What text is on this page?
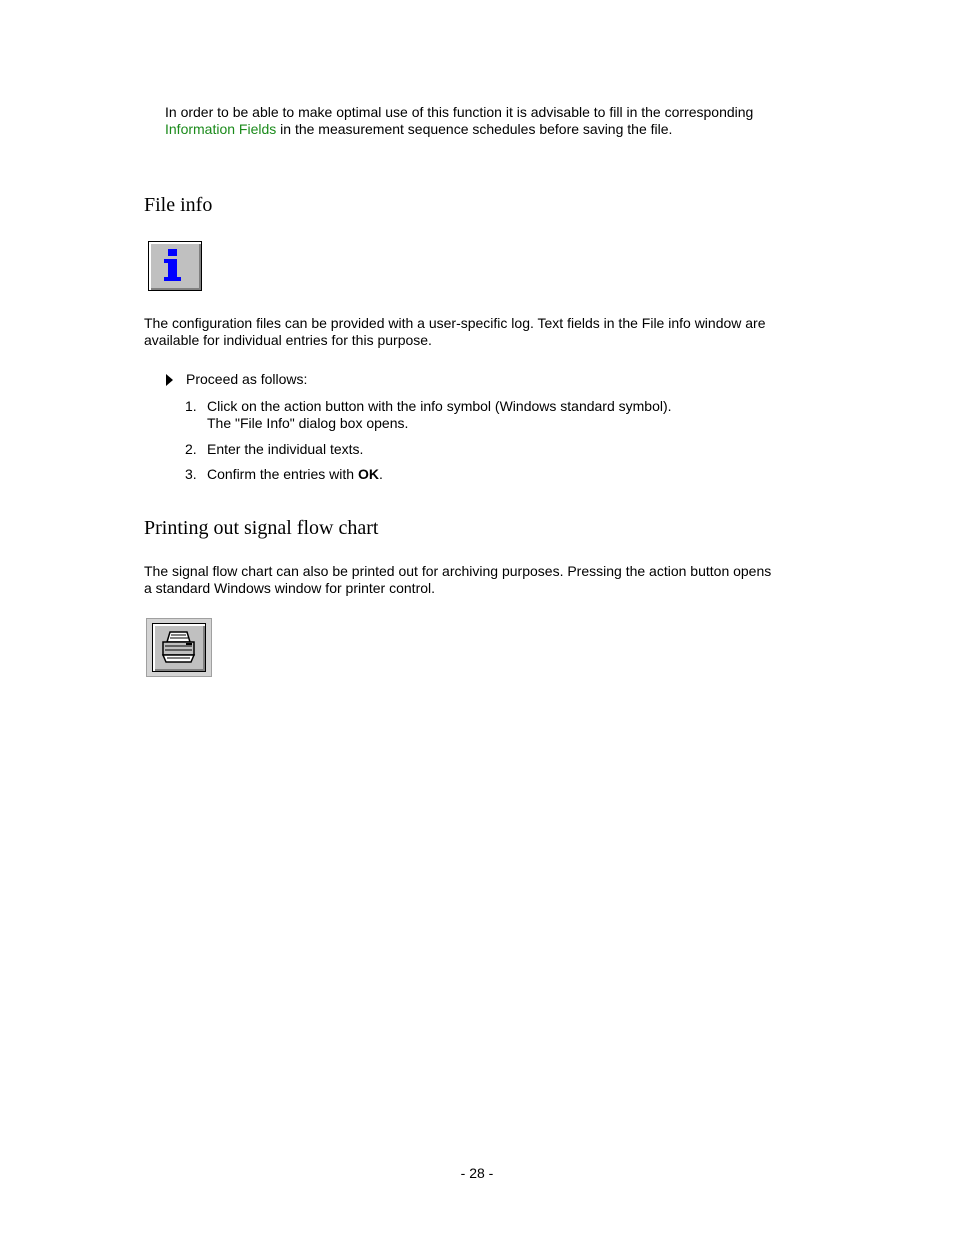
In order to be able to make optimal use of this function it is advisable to fill in the corresponding
Information Fields in the measurement sequence schedules before saving the file.

File info

The configuration files can be provided with a user-specific log. Text fields in the File info window are
available for individual entries for this purpose.

Proceed as follows:
1. Click on the action button with the info symbol (Windows standard symbol).
The "File Info" dialog box opens.
2. Enter the individual texts.
3. Confirm the entries with OK.
Printing out signal flow chart

The signal flow chart can also be printed out for archiving purposes. Pressing the action button opens
a standard Windows window for printer control.

- 28 -
